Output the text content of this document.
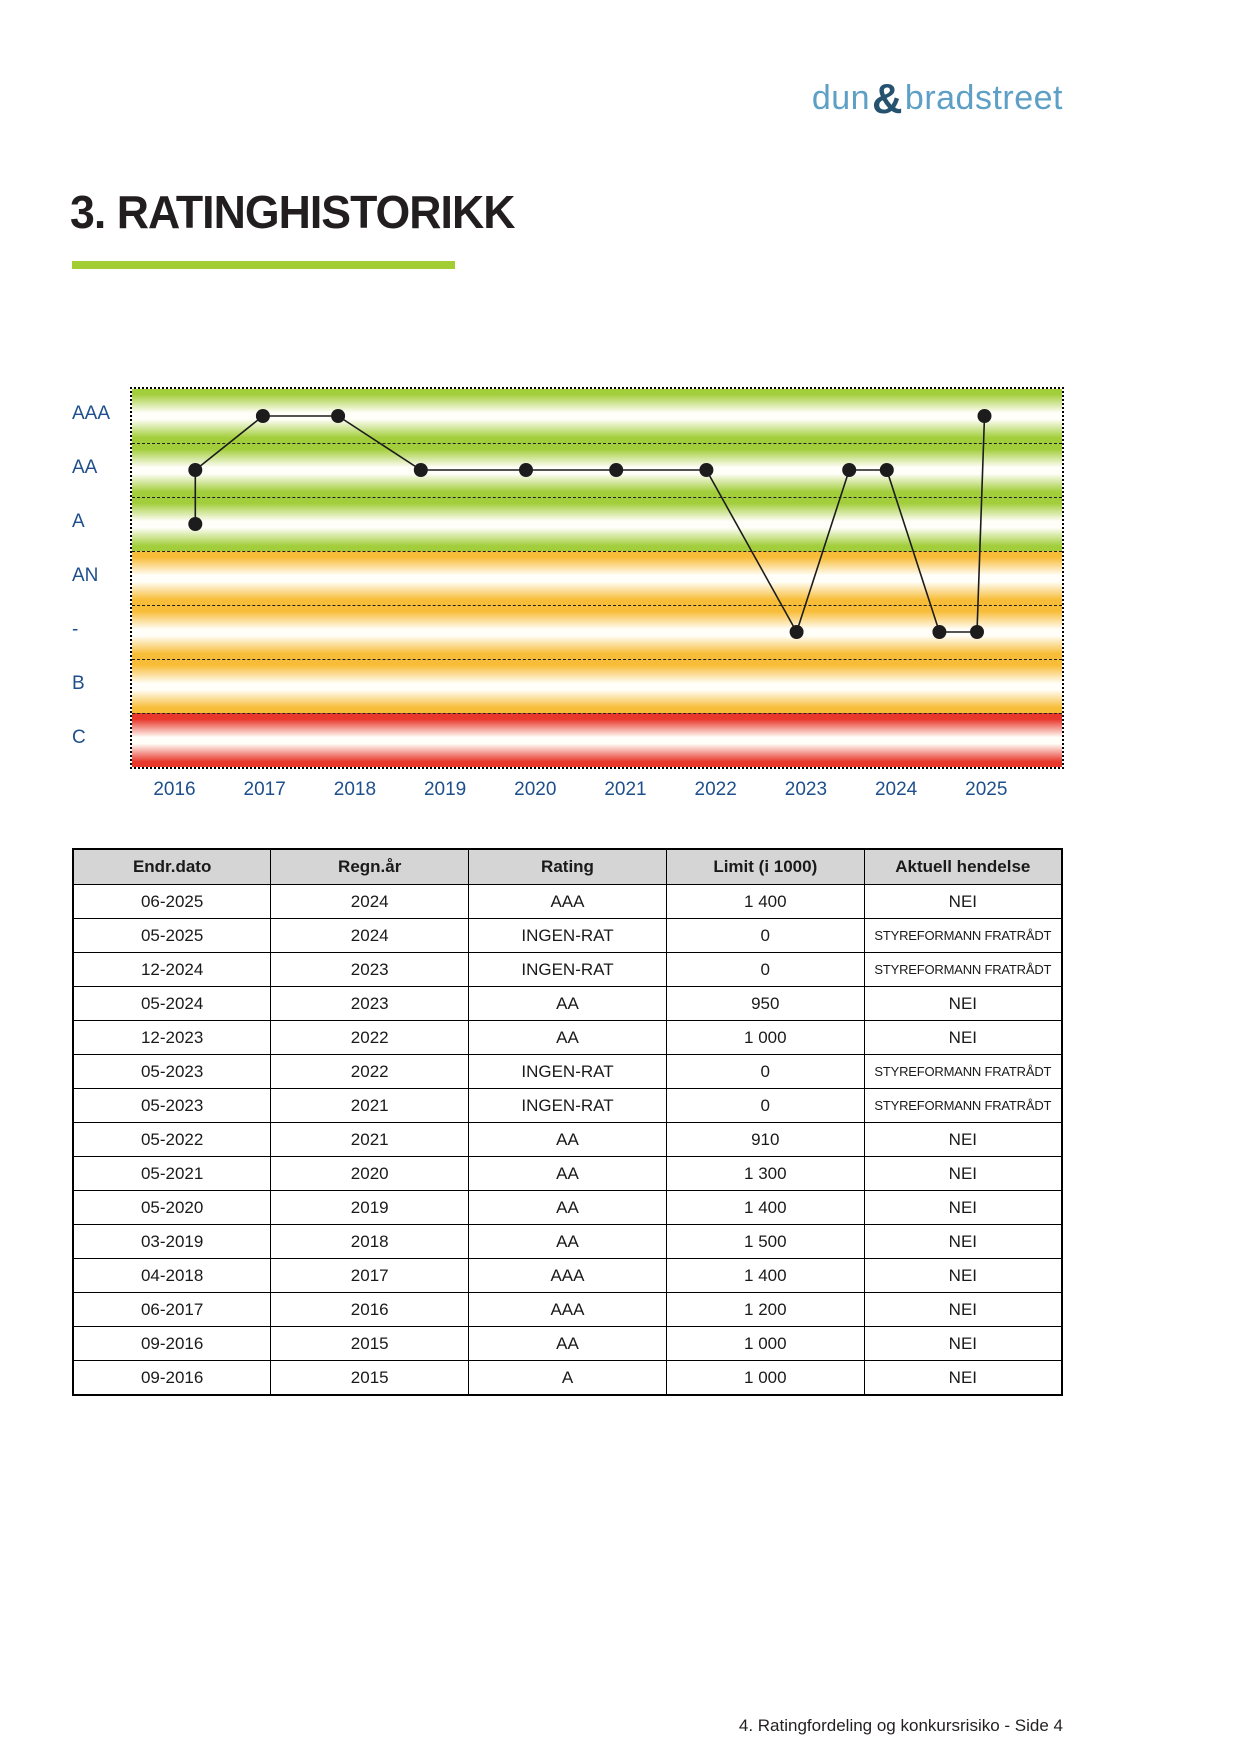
dun&bradstreet
3. RATINGHISTORIKK
AAA
AA
A
AN
-
B
C
2016	2017	2018	2019	2020	2021	2022	2023	2024	2025
Endr.dato	Regn.år	Rating	Limit (i 1000)	Aktuell hendelse
06-2025	2024	AAA	1 400	NEI
05-2025	2024	INGEN-RAT	0	STYREFORMANN FRATRÅDT
12-2024	2023	INGEN-RAT	0	STYREFORMANN FRATRÅDT
05-2024	2023	AA	950	NEI
12-2023	2022	AA	1 000	NEI
05-2023	2022	INGEN-RAT	0	STYREFORMANN FRATRÅDT
05-2023	2021	INGEN-RAT	0	STYREFORMANN FRATRÅDT
05-2022	2021	AA	910	NEI
05-2021	2020	AA	1 300	NEI
05-2020	2019	AA	1 400	NEI
03-2019	2018	AA	1 500	NEI
04-2018	2017	AAA	1 400	NEI
06-2017	2016	AAA	1 200	NEI
09-2016	2015	AA	1 000	NEI
09-2016	2015	A	1 000	NEI
4. Ratingfordeling og konkursrisiko - Side 4
